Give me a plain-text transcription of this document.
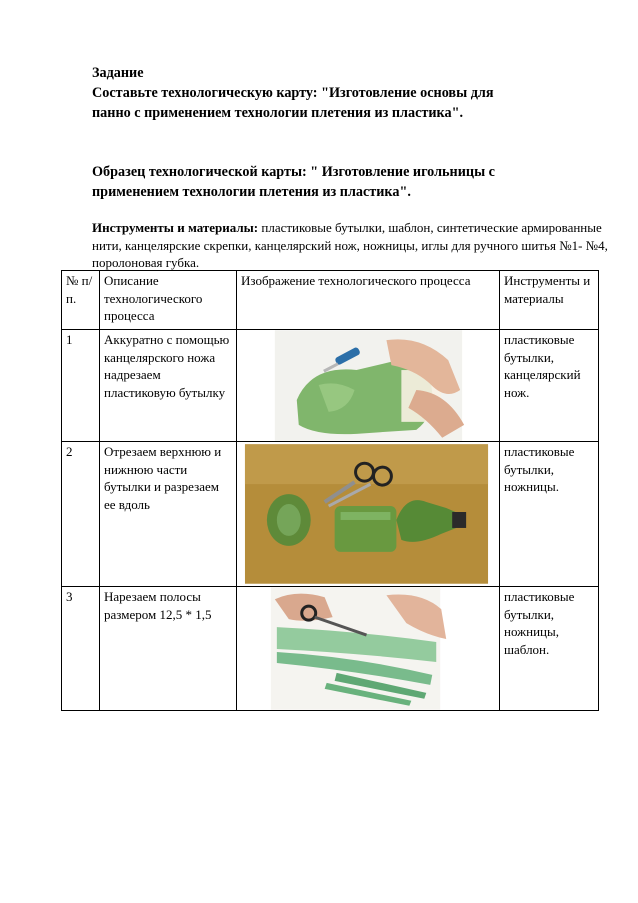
Задание
Составьте технологическую карту: "Изготовление основы для
панно с применением технологии плетения из пластика".
Образец технологической карты: " Изготовление игольницы с
применением технологии плетения из пластика".
Инструменты и материалы: пластиковые бутылки, шаблон, синтетические армированные нити, канцелярские скрепки, канцелярский нож, ножницы, иглы для ручного шитья №1- №4, поролоновая губка.
№ п/п.	Описание технологического процесса	Изображение технологического процесса	Инструменты и материалы
1	Аккуратно с помощью канцелярского ножа надрезаем пластиковую бутылку		пластиковые бутылки, канцелярский нож.
2	Отрезаем верхнюю и нижнюю части бутылки и разрезаем ее вдоль		пластиковые бутылки, ножницы.
3	Нарезаем полосы размером 12,5 * 1,5		пластиковые бутылки, ножницы, шаблон.
